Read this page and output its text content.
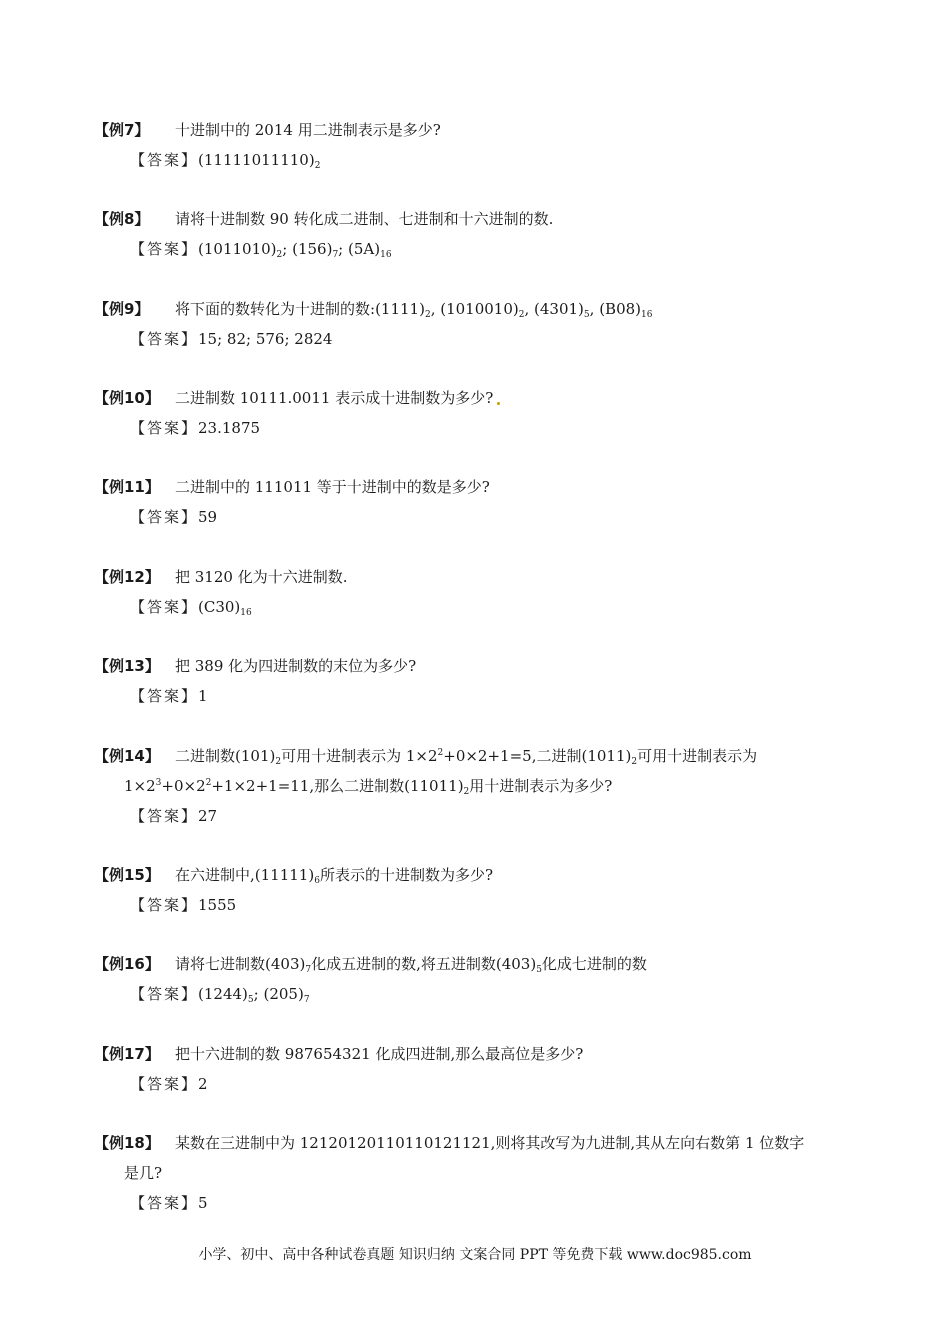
【例7】 十进制中的 2014 用二进制表示是多少?
【答案】$(11111011110)_2$
【例8】 请将十进制数 90 转化成二进制、七进制和十六进制的数.
【答案】$(1011010)_2$; $(156)_7$; $(5A)_{16}$
【例9】 将下面的数转化为十进制的数$:(1111)_2$, $(1010010)_2$, $(4301)_5$, $(B08)_{16}$
【答案】15; 82; 576; 2824
【例10】 二进制数 10111.0011 表示成十进制数为多少?
【答案】23.1875
【例11】 二进制中的 111011 等于十进制中的数是多少?
【答案】59
【例12】 把 3120 化为十六进制数.
【答案】$(C30)_{16}$
【例13】 把 389 化为四进制数的末位为多少?
【答案】1
【例14】 二进制数$(101)_2$可用十进制表示为 $1\times 2^2+0\times 2+1=5$,二进制$(1011)_2$可用十进制表示为
$1\times 2^3+0\times 2^2+1\times 2+1=11$,那么二进制数$(11011)_2$用十进制表示为多少?
【答案】27
【例15】 在六进制中$,(11111)_6$所表示的十进制数为多少?
【答案】1555
【例16】 请将七进制数$(403)_7$化成五进制的数,将五进制数$(403)_5$化成七进制的数
【答案】$(1244)_5$; $(205)_7$
【例17】 把十六进制的数 987654321 化成四进制,那么最高位是多少?
【答案】2
【例18】 某数在三进制中为 12120120110110121121,则将其改写为九进制,其从左向右数第 1 位数字
是几?
【答案】5
小学、初中、高中各种试卷真题 知识归纳 文案合同 PPT 等免费下载 www.doc985.com
